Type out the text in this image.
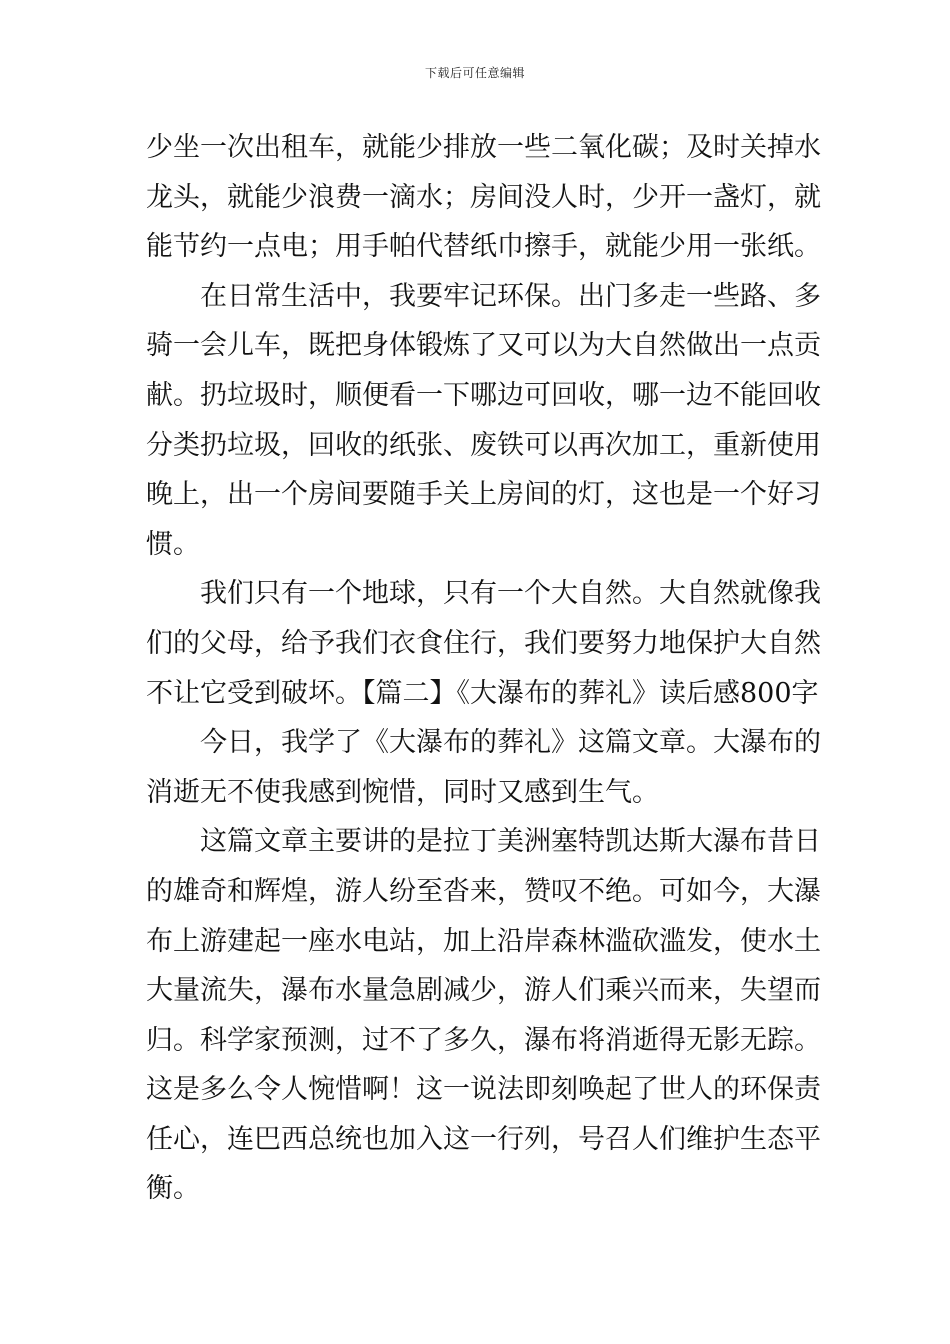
下载后可任意编辑
少坐一次出租车，就能少排放一些二氧化碳；及时关掉水
龙头，就能少浪费一滴水；房间没人时，少开一盏灯，就
能节约一点电；用手帕代替纸巾擦手，就能少用一张纸。
在日常生活中，我要牢记环保。出门多走一些路、多
骑一会儿车，既把身体锻炼了又可以为大自然做出一点贡
献。扔垃圾时，顺便看一下哪边可回收，哪一边不能回收
分类扔垃圾，回收的纸张、废铁可以再次加工，重新使用
晚上，出一个房间要随手关上房间的灯，这也是一个好习
惯。
我们只有一个地球，只有一个大自然。大自然就像我
们的父母，给予我们衣食住行，我们要努力地保护大自然
不让它受到破坏。【篇二】《大瀑布的葬礼》读后感800字
今日，我学了《大瀑布的葬礼》这篇文章。大瀑布的
消逝无不使我感到惋惜，同时又感到生气。
这篇文章主要讲的是拉丁美洲塞特凯达斯大瀑布昔日
的雄奇和辉煌，游人纷至沓来，赞叹不绝。可如今，大瀑
布上游建起一座水电站，加上沿岸森林滥砍滥发，使水土
大量流失，瀑布水量急剧减少，游人们乘兴而来，失望而
归。科学家预测，过不了多久，瀑布将消逝得无影无踪。
这是多么令人惋惜啊！这一说法即刻唤起了世人的环保责
任心，连巴西总统也加入这一行列，号召人们维护生态平
衡。
